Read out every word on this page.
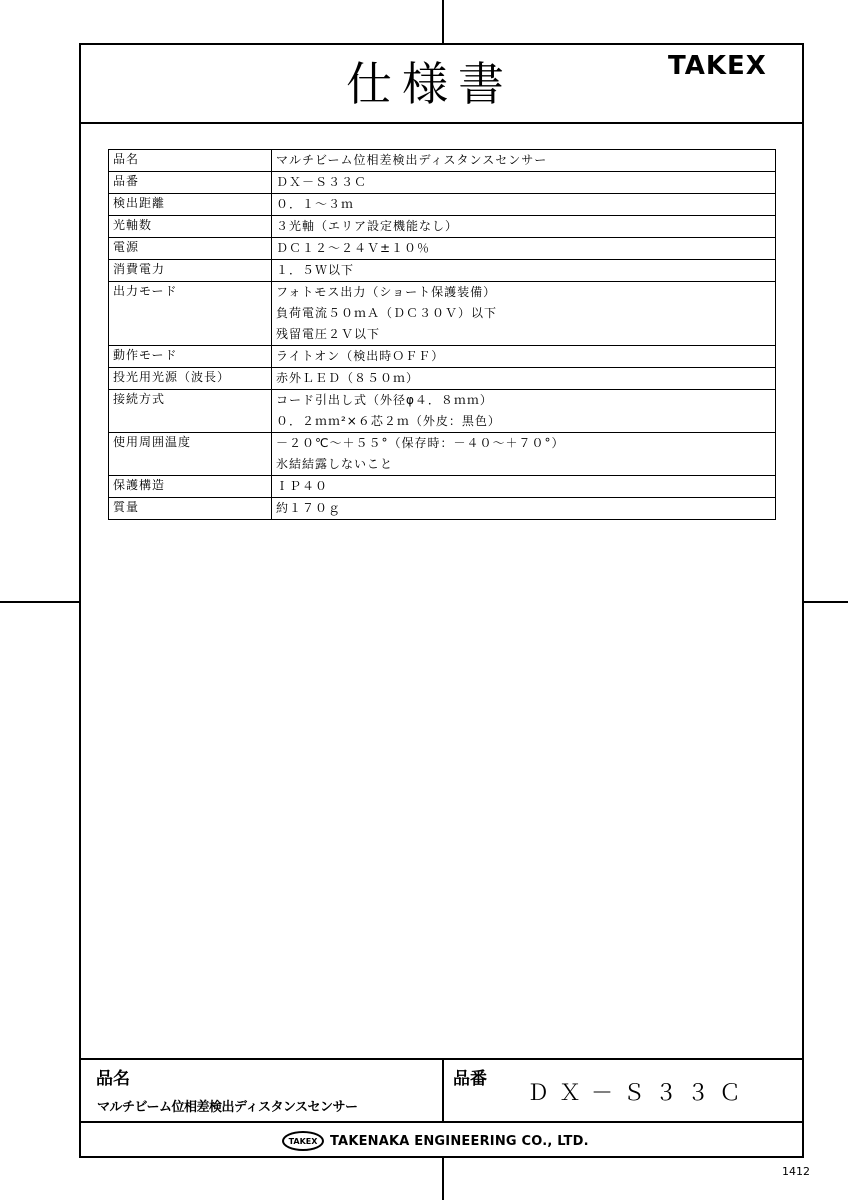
仕様書	TAKEX
品名	マルチビーム位相差検出ディスタンスセンサー

品番	ＤＸ－Ｓ３３Ｃ

検出距離	０．１～３ｍ

光軸数	３光軸（エリア設定機能なし）

電源	ＤＣ１２～２４Ｖ±１０％

消費電力	１．５Ｗ以下

出力モード	フォトモス出力（ショート保護装備）
負荷電流５０ｍＡ（ＤＣ３０Ｖ）以下
残留電圧２Ｖ以下

動作モード	ライトオン（検出時ＯＦＦ）

投光用光源（波長）	赤外ＬＥＤ（８５０ｍ）

接続方式	コード引出し式（外径φ４．８ｍｍ）
０．２ｍｍ²×６芯２ｍ（外皮：黒色）

使用周囲温度	－２０℃～＋５５°（保存時：－４０～＋７０°）
氷結結露しないこと

保護構造	ＩＰ４０

質量	約１７０ｇ
品名
マルチビーム位相差検出ディスタンスセンサー
品番
ＤＸ－Ｓ３３Ｃ
TAKEX TAKENAKA ENGINEERING CO., LTD.
1412
